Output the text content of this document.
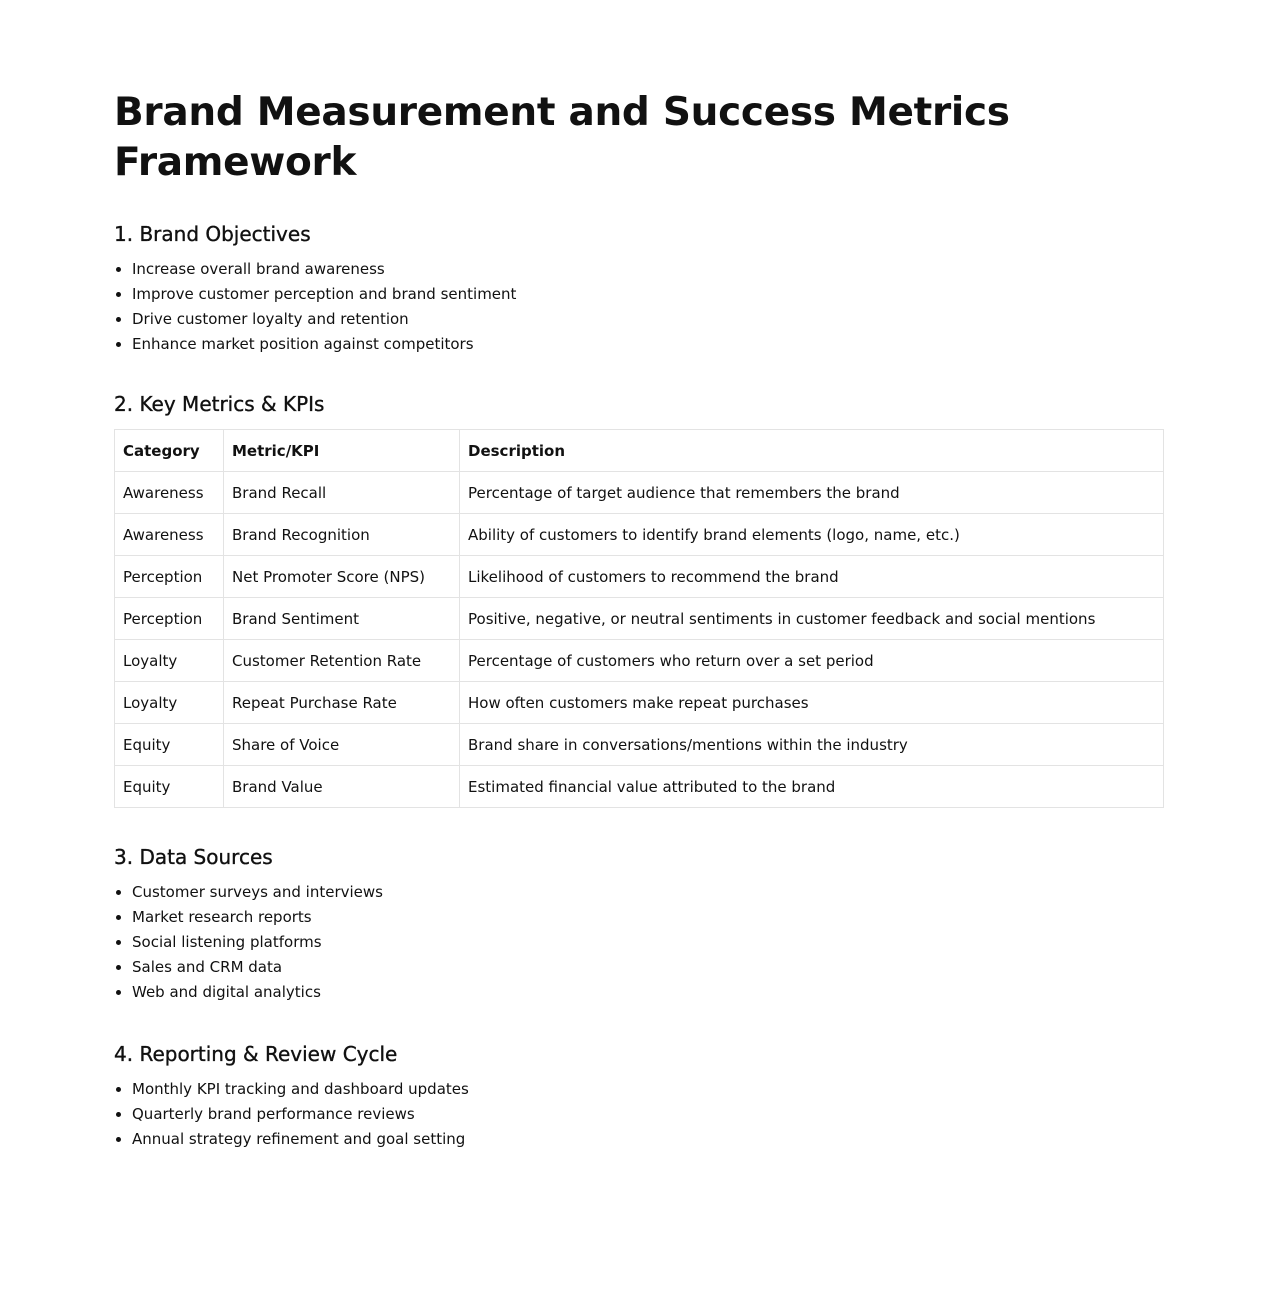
Brand Measurement and Success Metrics Framework
1. Brand Objectives
Increase overall brand awareness
Improve customer perception and brand sentiment
Drive customer loyalty and retention
Enhance market position against competitors
2. Key Metrics & KPIs
Category	Metric/KPI	Description
Awareness	Brand Recall	Percentage of target audience that remembers the brand
Awareness	Brand Recognition	Ability of customers to identify brand elements (logo, name, etc.)
Perception	Net Promoter Score (NPS)	Likelihood of customers to recommend the brand
Perception	Brand Sentiment	Positive, negative, or neutral sentiments in customer feedback and social mentions
Loyalty	Customer Retention Rate	Percentage of customers who return over a set period
Loyalty	Repeat Purchase Rate	How often customers make repeat purchases
Equity	Share of Voice	Brand share in conversations/mentions within the industry
Equity	Brand Value	Estimated financial value attributed to the brand
3. Data Sources
Customer surveys and interviews
Market research reports
Social listening platforms
Sales and CRM data
Web and digital analytics
4. Reporting & Review Cycle
Monthly KPI tracking and dashboard updates
Quarterly brand performance reviews
Annual strategy refinement and goal setting
